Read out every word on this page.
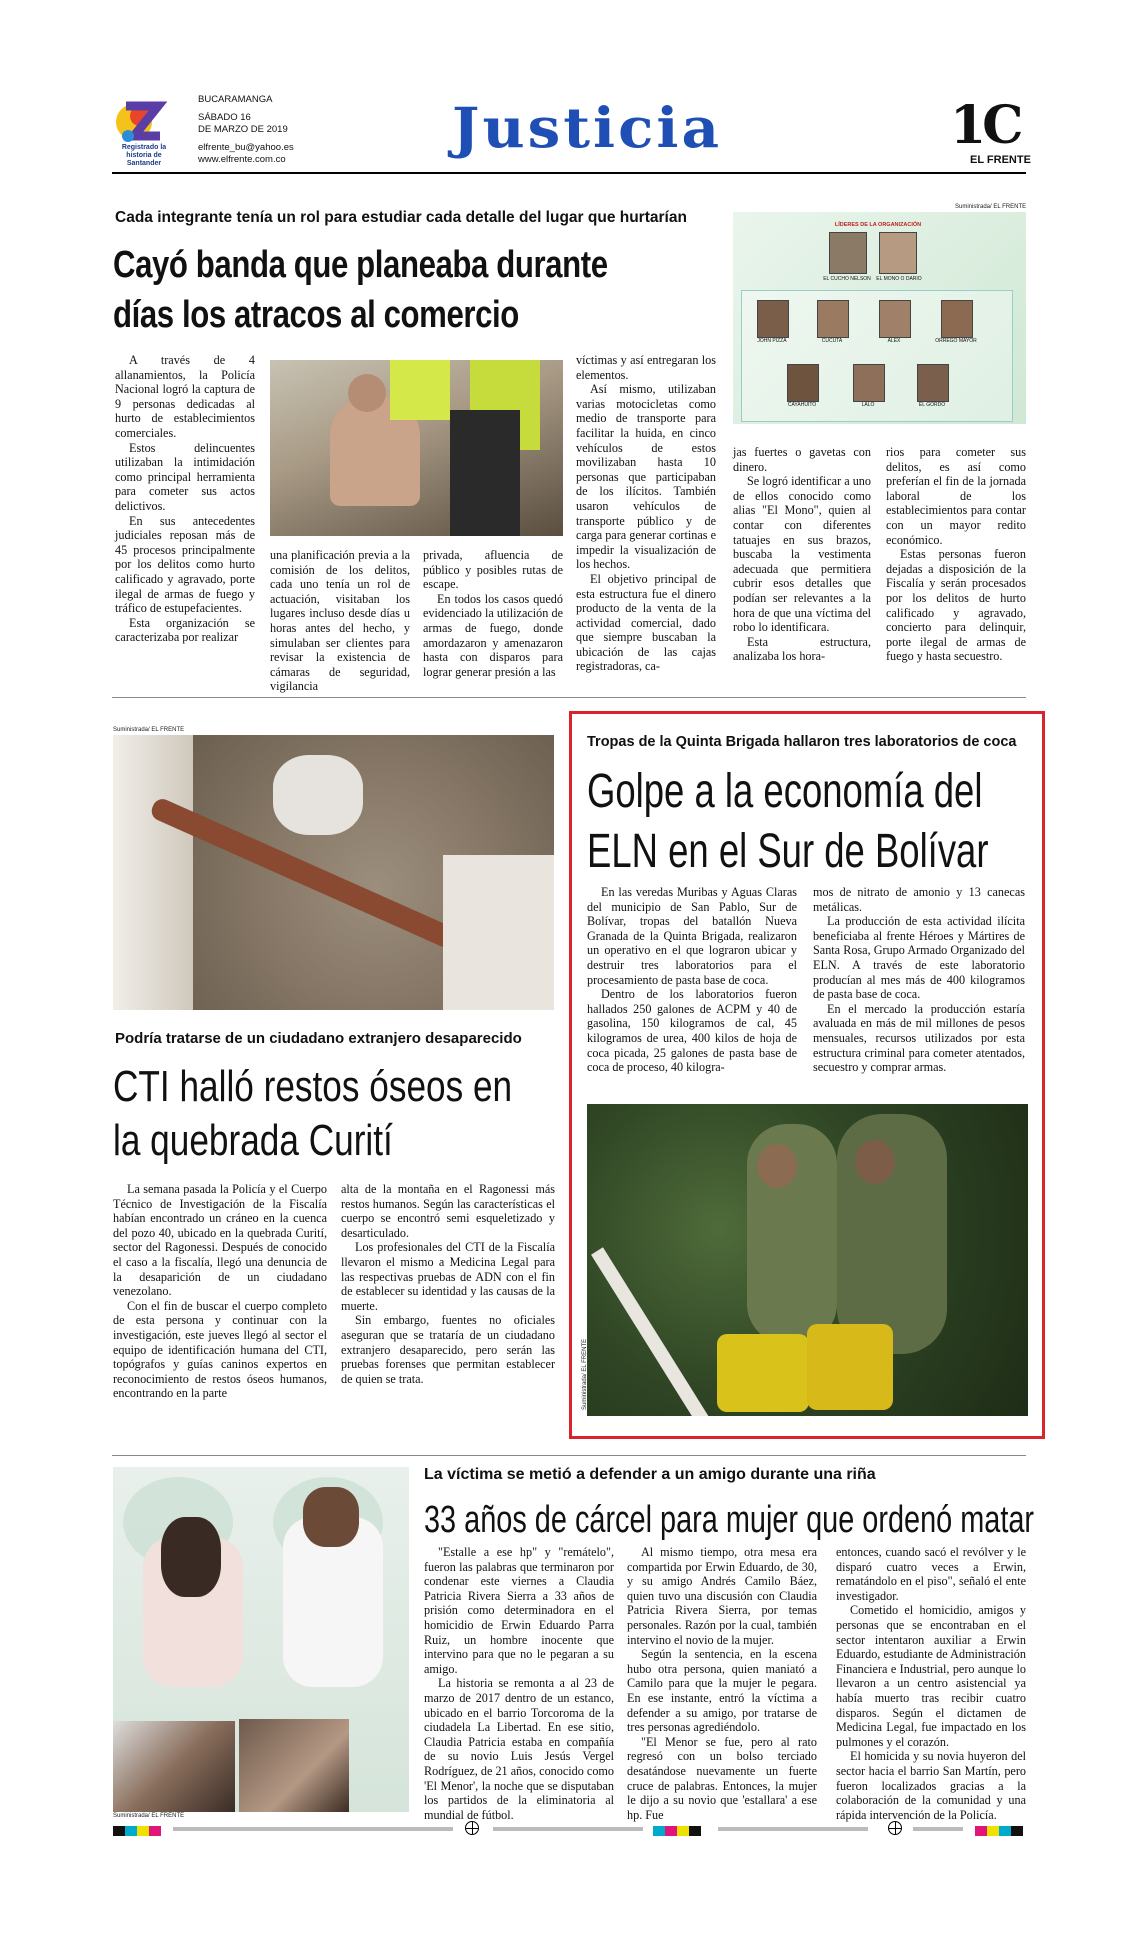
Registrado la historia de Santander
BUCARAMANGA
SÁBADO 16
DE MARZO DE 2019
elfrente_bu@yahoo.es
www.elfrente.com.co	Justicia	1C
EL FRENTE
Cada integrante tenía un rol para estudiar cada detalle del lugar que hurtarían
Cayó banda que planeaba durante
días los atracos al comercio
Suministrada/ EL FRENTE
LÍDERES DE LA ORGANIZACIÓN
EL CUCHO NELSON	EL MONO O DARIO
JOHN PIZZA	CUCUTA	ALEX	ORREGO MAYOR
CAYAHUITO	LALO	EL GORDO

A través de 4 allanamientos, la Policía Nacional logró la captura de 9 personas dedicadas al hurto de establecimientos comerciales.

Estos delincuentes utilizaban la intimidación como principal herramienta para cometer sus actos delictivos.

En sus antecedentes judiciales reposan más de 45 procesos principalmente por los delitos como hurto calificado y agravado, porte ilegal de armas de fuego y tráfico de estupefacientes.

Esta organización se caracterizaba por realizar

una planificación previa a la comisión de los delitos, cada uno tenía un rol de actuación, visitaban los lugares incluso desde días u horas antes del hecho, y simulaban ser clientes para revisar la existencia de cámaras de seguridad, vigilancia

privada, afluencia de público y posibles rutas de escape.

En todos los casos quedó evidenciado la utilización de armas de fuego, donde amordazaron y amenazaron hasta con disparos para lograr generar presión a las

víctimas y así entregaran los elementos.

Así mismo, utilizaban varias motocicletas como medio de transporte para facilitar la huida, en cinco vehículos de estos movilizaban hasta 10 personas que participaban de los ilícitos. También usaron vehículos de transporte público y de carga para generar cortinas e impedir la visualización de los hechos.

El objetivo principal de esta estructura fue el dinero producto de la venta de la actividad comercial, dado que siempre buscaban la ubicación de las cajas registradoras, ca-

jas fuertes o gavetas con dinero.

Se logró identificar a uno de ellos conocido como alias "El Mono", quien al contar con diferentes tatuajes en sus brazos, buscaba la vestimenta adecuada que permitiera cubrir esos detalles que podían ser relevantes a la hora de que una víctima del robo lo identificara.

Esta estructura, analizaba los hora-

rios para cometer sus delitos, es así como preferían el fin de la jornada laboral de los establecimientos para contar con un mayor redito económico.

Estas personas fueron dejadas a disposición de la Fiscalía y serán procesados por los delitos de hurto calificado y agravado, concierto para delinquir, porte ilegal de armas de fuego y hastа secuestro.

Suministrada/ EL FRENTE
Podría tratarse de un ciudadano extranjero desaparecido
CTI halló restos óseos en
la quebrada Curití

La semana pasada la Policía y el Cuerpo Técnico de Investigación de la Fiscalía habían encontrado un cráneo en la cuenca del pozo 40, ubicado en la quebrada Curití, sector del Ragonessi. Después de conocido el caso a la fiscalía, llegó una denuncia de la desaparición de un ciudadano venezolano.

Con el fin de buscar el cuerpo completo de esta persona y continuar con la investigación, este jueves llegó al sector el equipo de identificación humana del CTI, topógrafos y guías caninos expertos en reconocimiento de restos óseos humanos, encontrando en la parte

alta de la montaña en el Ragonessi más restos humanos. Según las características el cuerpo se encontró semi esqueletizado y desarticulado.

Los profesionales del CTI de la Fiscalía llevaron el mismo a Medicina Legal para las respectivas pruebas de ADN con el fin de establecer su identidad y las causas de la muerte.

Sin embargo, fuentes no oficiales aseguran que se trataría de un ciudadano extranjero desaparecido, pero serán las pruebas forenses que permitan establecer de quien se trata.

Tropas de la Quinta Brigada hallaron tres laboratorios de coca
Golpe a la economía del
ELN en el Sur de Bolívar

En las veredas Muribas y Aguas Claras del municipio de San Pablo, Sur de Bolívar, tropas del batallón Nueva Granada de la Quinta Brigada, realizaron un operativo en el que lograron ubicar y destruir tres laboratorios para el procesamiento de pasta base de coca.

Dentro de los laboratorios fueron hallados 250 galones de ACPM y 40 de gasolina, 150 kilogramos de cal, 45 kilogramos de urea, 400 kilos de hoja de coca picada, 25 galones de pasta base de coca de proceso, 40 kilogra-

mos de nitrato de amonio y 13 canecas metálicas.

La producción de esta actividad ilícita beneficiaba al frente Héroes y Mártires de Santa Rosa, Grupo Armado Organizado del ELN. A través de este laboratorio producían al mes más de 400 kilogramos de pasta base de coca.

En el mercado la producción estaría avaluada en más de mil millones de pesos mensuales, recursos utilizados por esta estructura criminal para cometer atentados, secuestro y comprar armas.

Suministrada/ EL FRENTE
La víctima se metió a defender a un amigo durante una riña
33 años de cárcel para mujer que ordenó matar
Suministrada/ EL FRENTE

"Estalle a ese hp" y "remátelo", fueron las palabras que terminaron por condenar este viernes a Claudia Patricia Rivera Sierra a 33 años de prisión como determinadora en el homicidio de Erwin Eduardo Parra Ruiz, un hombre inocente que intervino para que no le pegaran a su amigo.

La historia se remonta a al 23 de marzo de 2017 dentro de un estanco, ubicado en el barrio Torcoroma de la ciudadela La Libertad. En ese sitio, Claudia Patricia estaba en compañía de su novio Luis Jesús Vergel Rodríguez, de 21 años, conocido como 'El Menor', la noche que se disputaban los partidos de la eliminatoria al mundial de fútbol.

Al mismo tiempo, otra mesa era compartida por Erwin Eduardo, de 30, y su amigo Andrés Camilo Báez, quien tuvo una discusión con Claudia Patricia Rivera Sierra, por temas personales. Razón por la cual, también intervino el novio de la mujer.

Según la sentencia, en la escena hubo otra persona, quien maniató a Camilo para que la mujer le pegara. En ese instante, entró la víctima a defender a su amigo, por tratarse de tres personas agrediéndolo.

"El Menor se fue, pero al rato regresó con un bolso terciado desatándose nuevamente un fuerte cruce de palabras. Entonces, la mujer le dijo a su novio que 'estallara' a ese hp. Fue

entonces, cuando sacó el revólver y le disparó cuatro veces a Erwin, rematándolo en el piso", señaló el ente investigador.

Cometido el homicidio, amigos y personas que se encontraban en el sector intentaron auxiliar a Erwin Eduardo, estudiante de Administración Financiera e Industrial, pero aunque lo llevaron a un centro asistencial ya había muerto tras recibir cuatro disparos. Según el dictamen de Medicina Legal, fue impactado en los pulmones y el corazón.

El homicida y su novia huyeron del sector hacia el barrio San Martín, pero fueron localizados gracias a la colaboración de la comunidad y una rápida intervención de la Policía.
